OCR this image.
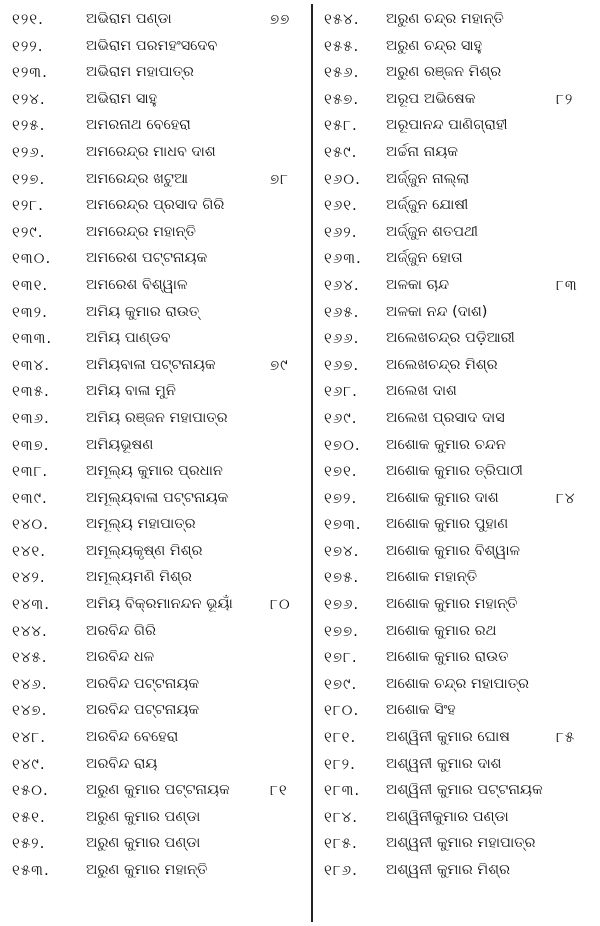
୧୨୧.	ଅଭିରାମ ପଣ୍ଡା	୭୭
୧୨୨.	ଅଭିରାମ ପରମହଂସଦେବ
୧୨୩.	ଅଭିରାମ ମହାପାତ୍ର
୧୨୪.	ଅଭିରାମ ସାହୁ
୧୨୫.	ଅମରନାଥ ବେହେରା
୧୨୬.	ଅମରେନ୍ଦ୍ର ମାଧବ ଦାଶ
୧୨୭.	ଅମରେନ୍ଦ୍ର ଖଟୁଆ	୭୮
୧୨୮.	ଅମରେନ୍ଦ୍ର ପ୍ରସାଦ ଗିରି
୧୨୯.	ଅମରେନ୍ଦ୍ର ମହାନ୍ତି
୧୩୦. ଅମରେଶ ପଟ୍ଟନାୟକ
୧୩୧.	ଅମରେଶ ବିଶ୍ୱାଳ
୧୩୨.	ଅମିୟ କୁମାର ରାଉତ୍
୧୩୩. ଅମିୟ ପାଣ୍ଡବ
୧୩୪. ଅମିୟବାଳା ପଟ୍ଟନାୟକ	୭୯
୧୩୫.	ଅମିୟ ବାଳା ମୁନି
୧୩୬. ଅମିୟ ରଞ୍ଜନ ମହାପାତ୍ର
୧୩୭.	ଅମିୟଭୂଷଣ
୧୩୮.	ଅମୂଲ୍ୟ କୁମାର ପ୍ରଧାନ
୧୩୯.	ଅମୂଲ୍ୟବାଳା ପଟ୍ଟନାୟକ
୧୪୦.	ଅମୂଲ୍ୟ ମହାପାତ୍ର
୧୪୧.	ଅମୂଲ୍ୟକୃଷ୍ଣ ମିଶ୍ର
୧୪୨.	ଅମୂଲ୍ୟମଣି ମିଶ୍ର
୧୪୩. ଅମିୟ ବିକ୍ରମାନନ୍ଦନ ଭୂୟାଁ ୮୦
୧୪୪.	ଅରବିନ୍ଦ ଗିରି
୧୪୫.	ଅରବିନ୍ଦ ଧଳ
୧୪୬.	ଅରବିନ୍ଦ ପଟ୍ଟନାୟକ
୧୪୭.	ଅରବିନ୍ଦ ପଟ୍ଟନାୟକ
୧୪୮.	ଅରବିନ୍ଦ ବେହେରା
୧୪୯.	ଅରବିନ୍ଦ ରାୟ
୧୫୦.	ଅରୁଣ କୁମାର ପଟ୍ଟନାୟକ	୮୧
୧୫୧.	ଅରୁଣ କୁମାର ପଣ୍ଡା
୧୫୨.	ଅରୁଣ କୁମାର ପଣ୍ଡା
୧୫୩.	ଅରୁଣ କୁମାର ମହାନ୍ତି
୧୫୪. ଅରୁଣ ଚନ୍ଦ୍ର ମହାନ୍ତି
୧୫୫. ଅରୁଣ ଚନ୍ଦ୍ର ସାହୁ
୧୫୬. ଅରୁଣ ରଞ୍ଜନ ମିଶ୍ର
୧୫୭. ଅରୂପ ଅଭିଷେକ	୮୨
୧୫୮. ଅରୂପାନନ୍ଦ ପାଣିଗ୍ରାହୀ
୧୫୯. ଅର୍ଚ୍ଚନା ନାୟକ
୧୬୦. ଅର୍ଜ୍ଜୁନ ନାଲ୍ଲା
୧୬୧. ଅର୍ଜ୍ଜୁନ ଯୋଷୀ
୧୬୨. ଅର୍ଜ୍ଜୁନ ଶତପଥୀ
୧୬୩. ଅର୍ଜ୍ଜୁନ ହୋତା
୧୬୪. ଅଳକା ଚାନ୍ଦ	୮୩
୧୬୫. ଅଳକା ନନ୍ଦ (ଦାଶ)
୧୬୬. ଅଲେଖଚନ୍ଦ୍ର ପଡ଼ିଆରୀ
୧୬୭. ଅଲେଖଚନ୍ଦ୍ର ମିଶ୍ର
୧୬୮. ଅଲେଖ ଦାଶ
୧୬୯. ଅଲେଖ ପ୍ରସାଦ ଦାସ
୧୭୦. ଅଶୋକ କୁମାର ଚନ୍ଦନ
୧୭୧. ଅଶୋକ କୁମାର ତ୍ରିପାଠୀ
୧୭୨. ଅଶୋକ କୁମାର ଦାଶ	୮୪
୧୭୩. ଅଶୋକ କୁମାର ପୁହାଣ
୧୭୪. ଅଶୋକ କୁମାର ବିଶ୍ୱାଳ
୧୭୫. ଅଶୋକ ମହାନ୍ତି
୧୭୬. ଅଶୋକ କୁମାର ମହାନ୍ତି
୧୭୭. ଅଶୋକ କୁମାର ରଥ
୧୭୮. ଅଶୋକ କୁମାର ରାଉତ
୧୭୯. ଅଶୋକ ଚନ୍ଦ୍ର ମହାପାତ୍ର
୧୮୦. ଅଶୋକ ସିଂହ
୧୮୧. ଅଶ୍ୱିନୀ କୁମାର ଘୋଷ	୮୫
୧୮୨. ଅଶ୍ୱନୀ କୁମାର ଦାଶ
୧୮୩. ଅଶ୍ୱିନୀ କୁମାର ପଟ୍ଟନାୟକ
୧୮୪. ଅଶ୍ୱିନୀକୁମାର ପଣ୍ଡା
୧୮୫. ଅଶ୍ୱନୀ କୁମାର ମହାପାତ୍ର
୧୮୬. ଅଶ୍ୱନୀ କୁମାର ମିଶ୍ର
